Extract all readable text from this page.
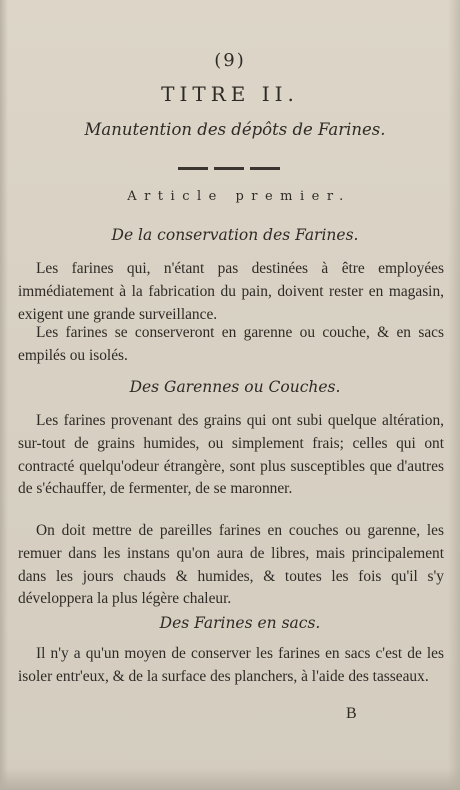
(9)
TITRE II.
Manutention des dépôts de Farines.
Article premier.
De la conservation des Farines.
Les farines qui, n'étant pas destinées à être employées immédiatement à la fabrication du pain, doivent rester en magasin, exigent une grande surveillance.
Les farines se conserveront en garenne ou couche, & en sacs empilés ou isolés.
Des Garennes ou Couches.
Les farines provenant des grains qui ont subi quelque altération, sur-tout de grains humides, ou simplement frais; celles qui ont contracté quelqu'odeur étrangère, sont plus susceptibles que d'autres de s'échauffer, de fermenter, de se maronner.
On doit mettre de pareilles farines en couches ou garenne, les remuer dans les instans qu'on aura de libres, mais principalement dans les jours chauds & humides, & toutes les fois qu'il s'y développera la plus légère chaleur.
Des Farines en sacs.
Il n'y a qu'un moyen de conserver les farines en sacs c'est de les isoler entr'eux, & de la surface des planchers, à l'aide des tasseaux.
B
